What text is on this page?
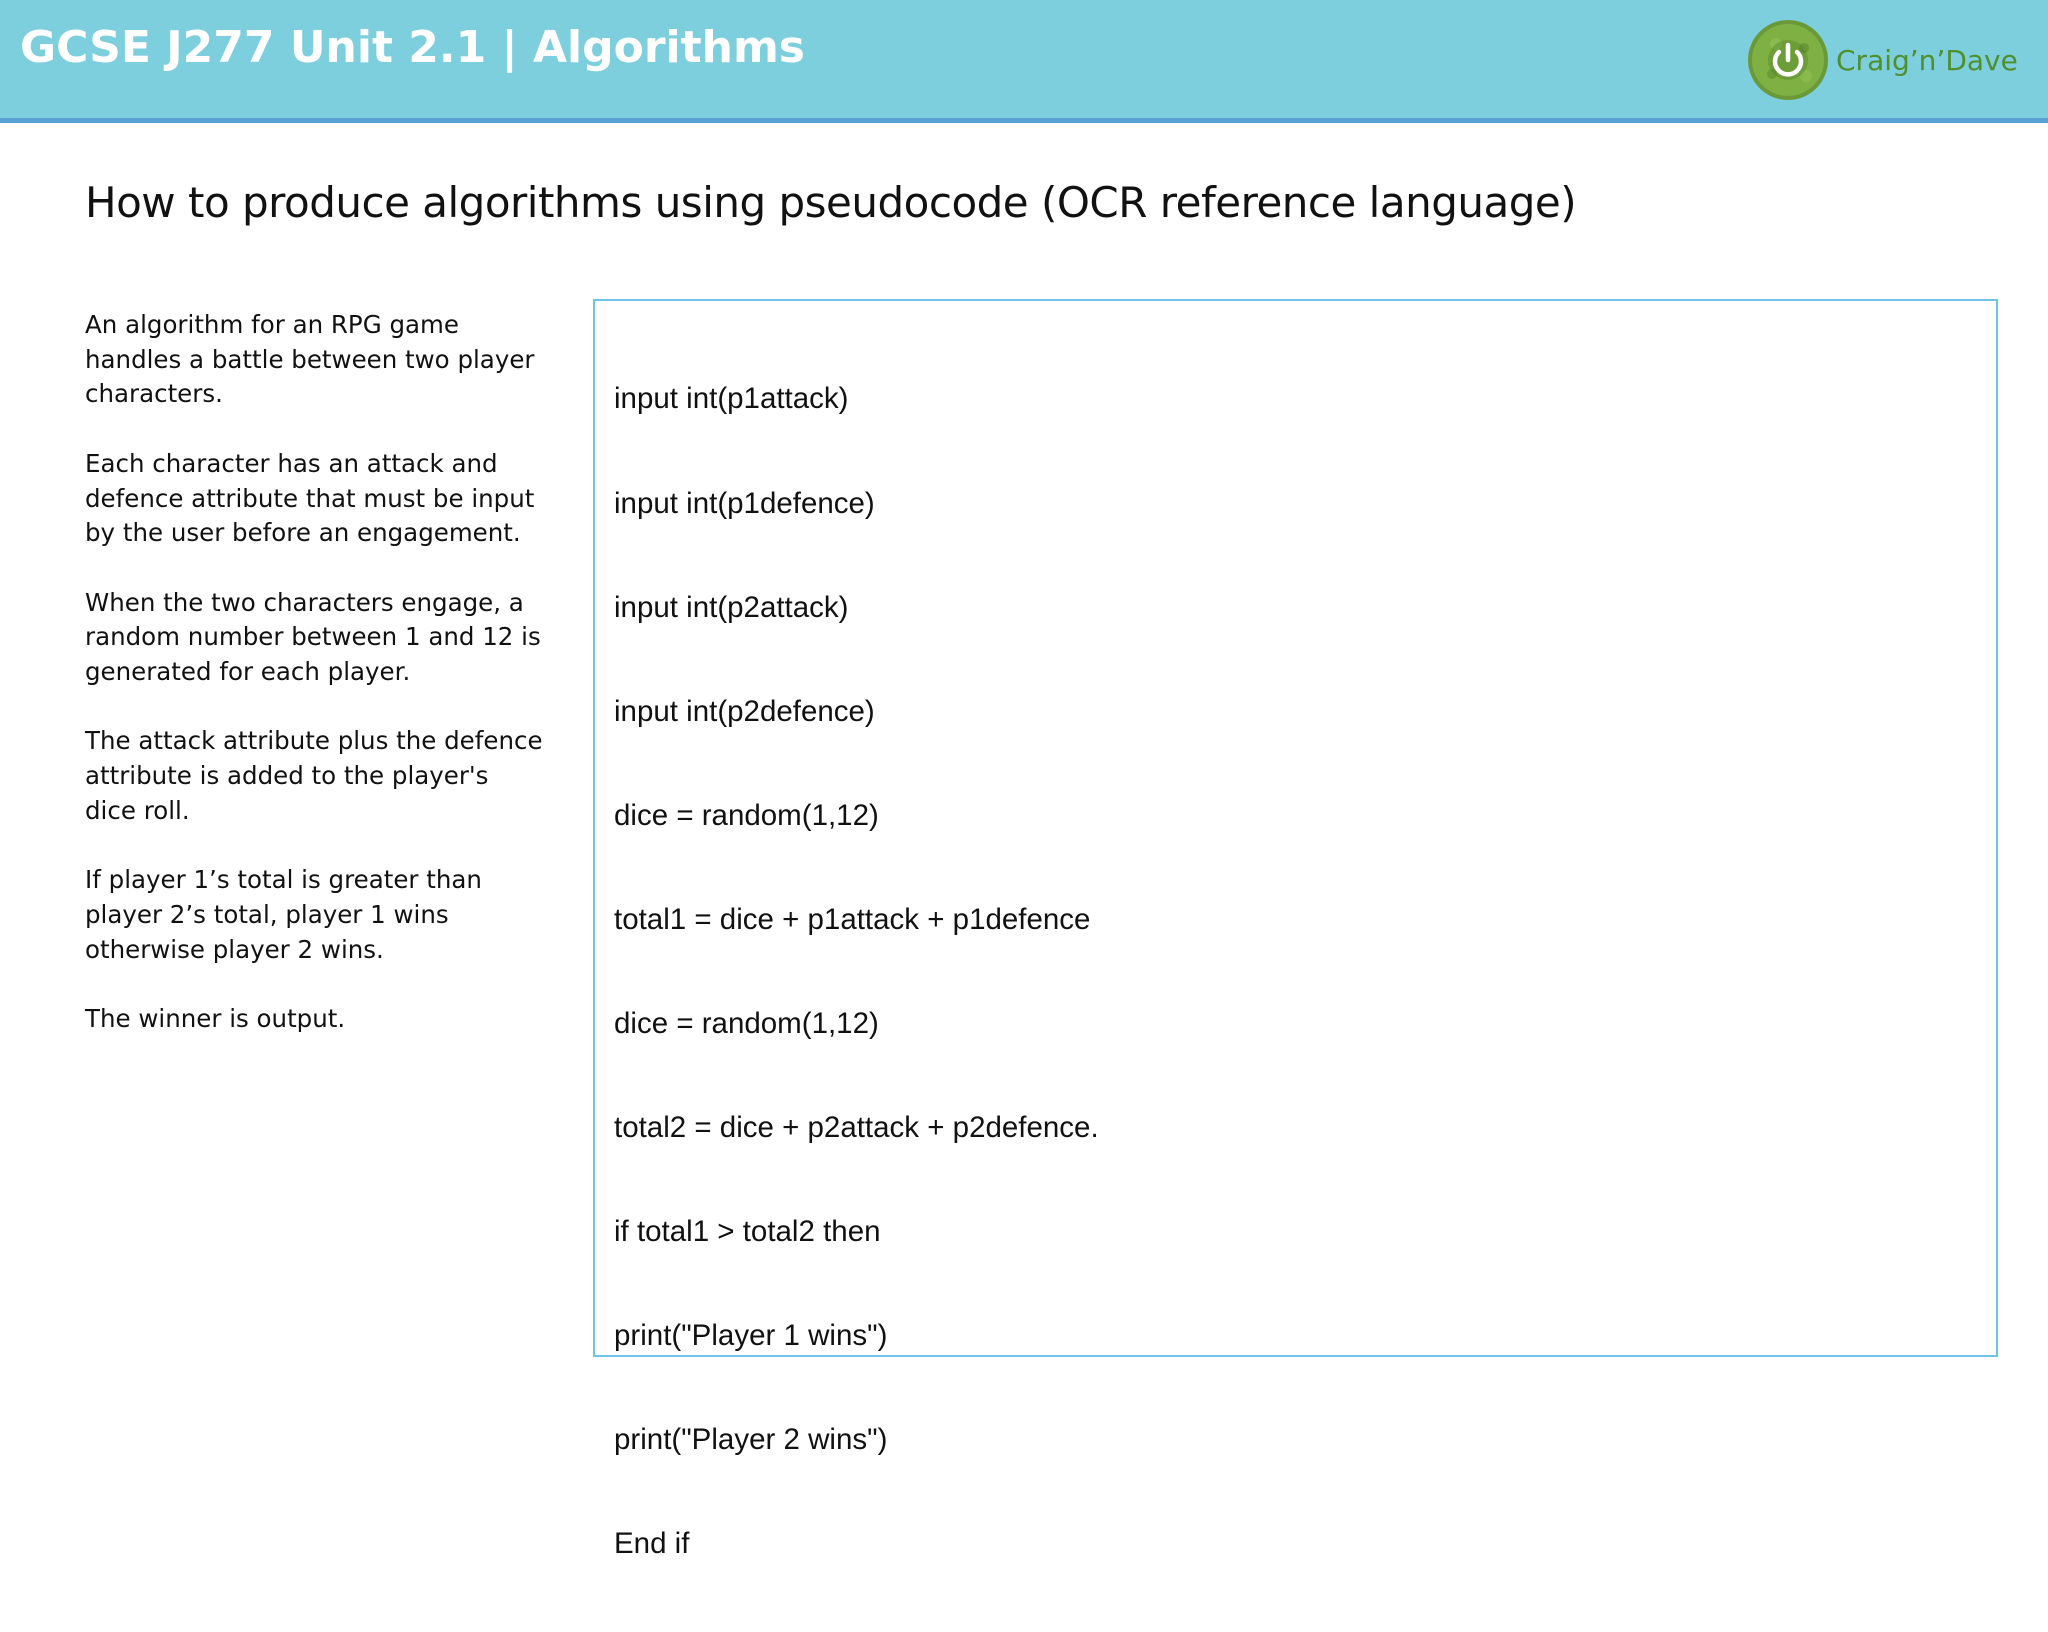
GCSE J277 Unit 2.1 | Algorithms	Craig’n’Dave
How to produce algorithms using pseudocode (OCR reference language)

An algorithm for an RPG game handles a battle between two player characters.

Each character has an attack and defence attribute that must be input by the user before an engagement.

When the two characters engage, a random number between 1 and 12 is generated for each player.

The attack attribute plus the defence attribute is added to the player's dice roll.

If player 1’s total is greater than player 2’s total, player 1 wins otherwise player 2 wins.

The winner is output.

input int(p1attack)

input int(p1defence)

input int(p2attack)

input int(p2defence)

dice = random(1,12)

total1 = dice + p1attack + p1defence

dice = random(1,12)

total2 = dice + p2attack + p2defence.

if total1 > total2 then

print("Player 1 wins")

print("Player 2 wins")

End if
